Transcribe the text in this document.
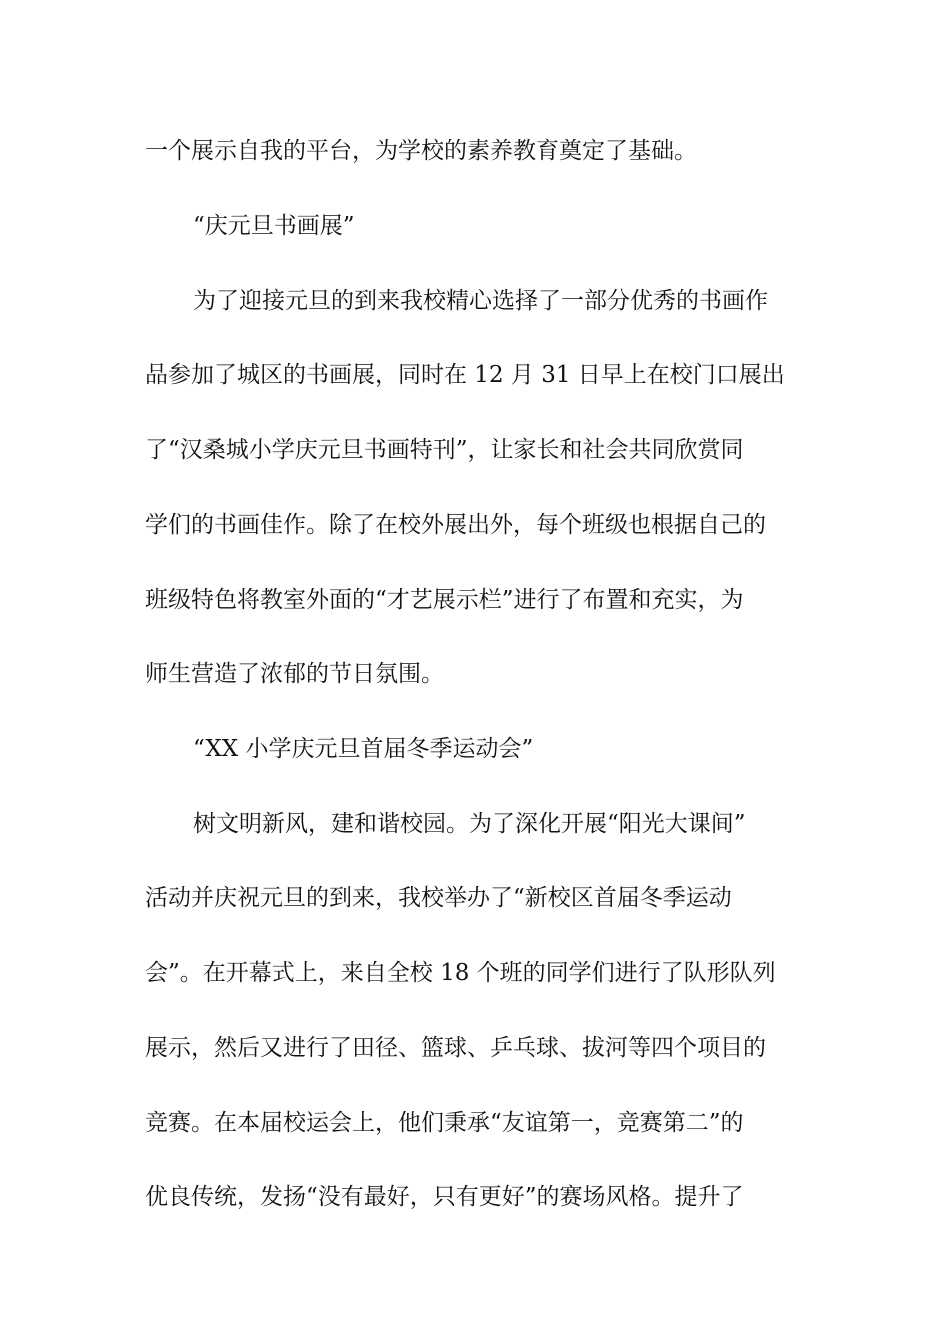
一个展示自我的平台，为学校的素养教育奠定了基础。
“庆元旦书画展”
为了迎接元旦的到来我校精心选择了一部分优秀的书画作
品参加了城区的书画展，同时在 12 月 31 日早上在校门口展出
了“汉桑城小学庆元旦书画特刊”，让家长和社会共同欣赏同
学们的书画佳作。除了在校外展出外，每个班级也根据自己的
班级特色将教室外面的“才艺展示栏”进行了布置和充实，为
师生营造了浓郁的节日氛围。
“XX 小学庆元旦首届冬季运动会”
树文明新风，建和谐校园。为了深化开展“阳光大课间”
活动并庆祝元旦的到来，我校举办了“新校区首届冬季运动
会”。在开幕式上，来自全校 18 个班的同学们进行了队形队列
展示，然后又进行了田径、篮球、乒乓球、拔河等四个项目的
竞赛。在本届校运会上，他们秉承“友谊第一，竞赛第二”的
优良传统，发扬“没有最好，只有更好”的赛场风格。提升了
